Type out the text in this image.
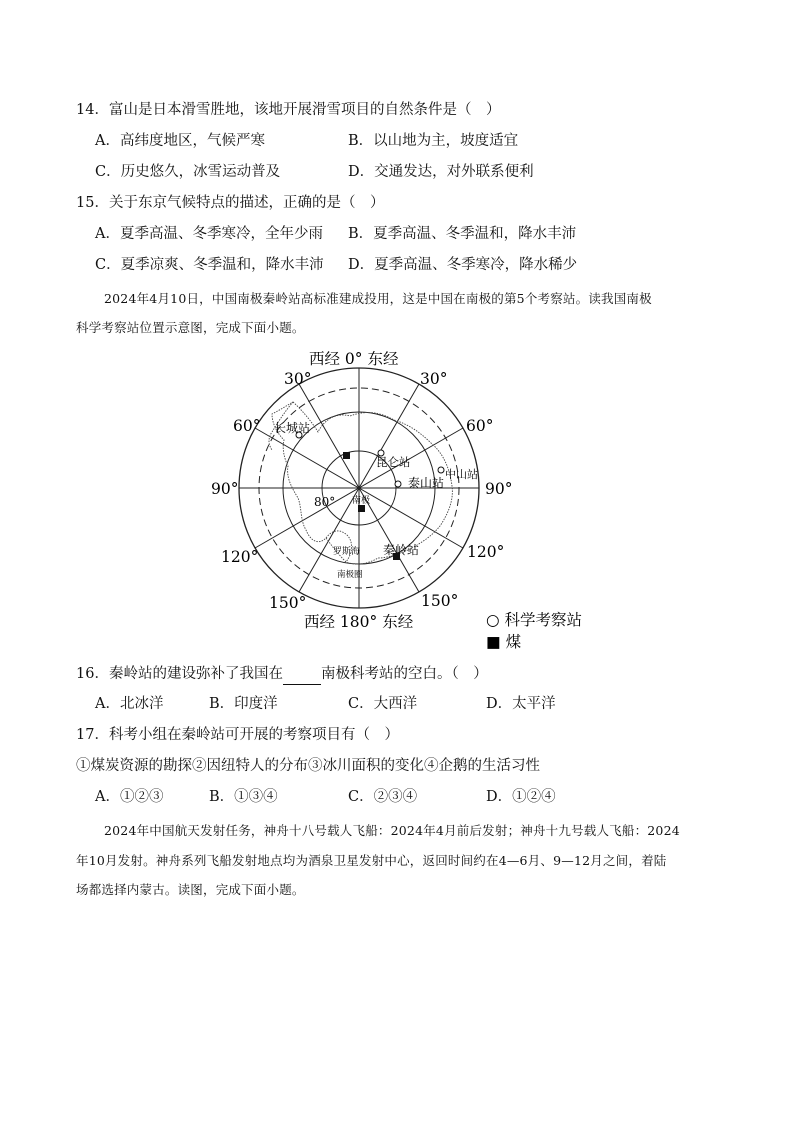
14．富山是日本滑雪胜地，该地开展滑雪项目的自然条件是（　）
A．高纬度地区，气候严寒	B．以山地为主，坡度适宜
C．历史悠久，冰雪运动普及	D．交通发达，对外联系便利
15．关于东京气候特点的描述，正确的是（　）
A．夏季高温、冬季寒冷，全年少雨 B．夏季高温、冬季温和，降水丰沛
C．夏季凉爽、冬季温和，降水丰沛 D．夏季高温、冬季寒冷，降水稀少
2024年4月10日，中国南极秦岭站高标准建成投用，这是中国在南极的第5个考察站。读我国南极
科学考察站位置示意图，完成下面小题。
长城站
昆仑站
中山站
泰山站
秦岭站
南极
罗斯海
南极圈
80°
西经 0° 东经
30°	30°
60°	60°
90°	90°
120°	120°
150°	150°
西经 180° 东经	○ 科学考察站
■ 煤
16．秦岭站的建设弥补了我国在	南极科考站的空白。（　）
A．北冰洋	B．印度洋	C．大西洋	D．太平洋
17．科考小组在秦岭站可开展的考察项目有（　）
①煤炭资源的勘探②因纽特人的分布③冰川面积的变化④企鹅的生活习性
A．①②③	B．①③④	C．②③④	D．①②④
2024年中国航天发射任务，神舟十八号载人飞船：2024年4月前后发射；神舟十九号载人飞船：2024
年10月发射。神舟系列飞船发射地点均为酒泉卫星发射中心，返回时间约在4—6月、9—12月之间，着陆
场都选择内蒙古。读图，完成下面小题。
